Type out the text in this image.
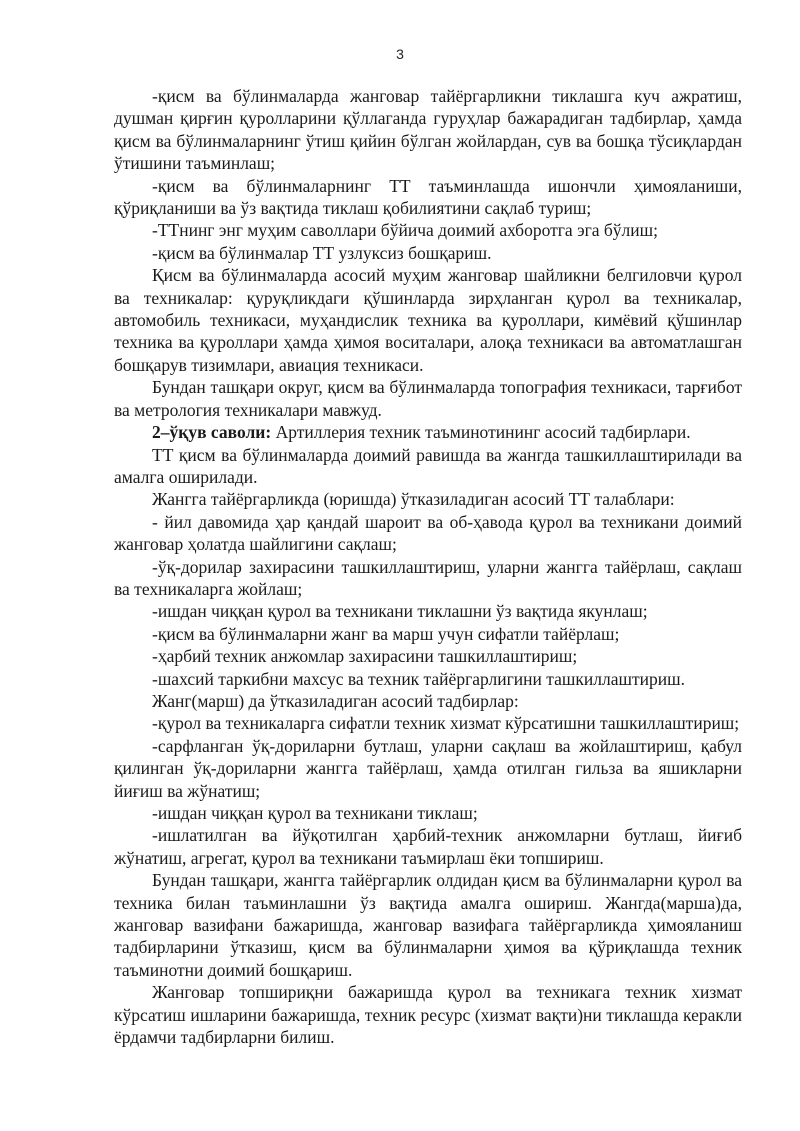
3

-қисм ва бўлинмаларда жанговар тайёргарликни тиклашга куч ажратиш, душман қирғин қуролларини қўллаганда гуруҳлар бажарадиган тадбирлар, ҳамда қисм ва бўлинмаларнинг ўтиш қийин бўлган жойлардан, сув ва бошқа тўсиқлардан ўтишини таъминлаш;

-қисм ва бўлинмаларнинг ТТ таъминлашда ишончли ҳимояланиши, қўриқланиши ва ўз вақтида тиклаш қобилиятини сақлаб туриш;

-ТТнинг энг муҳим саволлари бўйича доимий ахборотга эга бўлиш;

-қисм ва бўлинмалар ТТ узлуксиз бошқариш.

Қисм ва бўлинмаларда асосий муҳим жанговар шайликни белгиловчи қурол ва техникалар: қуруқликдаги қўшинларда зирҳланган қурол ва техникалар, автомобиль техникаси, муҳандислик техника ва қуроллари, кимёвий қўшинлар техника ва қуроллари ҳамда ҳимоя воситалари, алоқа техникаси ва автоматлашган бошқарув тизимлари, авиация техникаси.

Бундан ташқари округ, қисм ва бўлинмаларда топография техникаси, тарғибот ва метрология техникалари мавжуд.

2–ўқув саволи: Артиллерия техник таъминотининг асосий тадбирлари.

ТТ қисм ва бўлинмаларда доимий равишда ва жангда ташкиллаштирилади ва амалга оширилади.

Жангга тайёргарликда (юришда) ўтказиладиган асосий ТТ талаблари:

- йил давомида ҳар қандай шароит ва об-ҳавода қурол ва техникани доимий жанговар ҳолатда шайлигини сақлаш;

-ўқ-дорилар захирасини ташкиллаштириш, уларни жангга тайёрлаш, сақлаш ва техникаларга жойлаш;

-ишдан чиққан қурол ва техникани тиклашни ўз вақтида якунлаш;

-қисм ва бўлинмаларни жанг ва марш учун сифатли тайёрлаш;

-ҳарбий техник анжомлар захирасини ташкиллаштириш;

-шахсий таркибни махсус ва техник тайёргарлигини ташкиллаштириш.

Жанг(марш) да ўтказиладиган асосий тадбирлар:

-қурол ва техникаларга сифатли техник хизмат кўрсатишни ташкиллаштириш;

-сарфланган ўқ-дориларни бутлаш, уларни сақлаш ва жойлаштириш, қабул қилинган ўқ-дориларни жангга тайёрлаш, ҳамда отилган гильза ва яшикларни йиғиш ва жўнатиш;

-ишдан чиққан қурол ва техникани тиклаш;

-ишлатилган ва йўқотилган ҳарбий-техник анжомларни бутлаш, йиғиб жўнатиш, агрегат, қурол ва техникани таъмирлаш ёки топшириш.

Бундан ташқари, жангга тайёргарлик олдидан қисм ва бўлинмаларни қурол ва техника билан таъминлашни ўз вақтида амалга ошириш. Жангда(марша)да, жанговар вазифани бажаришда, жанговар вазифага тайёргарликда ҳимояланиш тадбирларини ўтказиш, қисм ва бўлинмаларни ҳимоя ва қўриқлашда техник таъминотни доимий бошқариш.

Жанговар топшириқни бажаришда қурол ва техникага техник хизмат кўрсатиш ишларини бажаришда, техник ресурс (хизмат вақти)ни тиклашда керакли ёрдамчи тадбирларни билиш.
